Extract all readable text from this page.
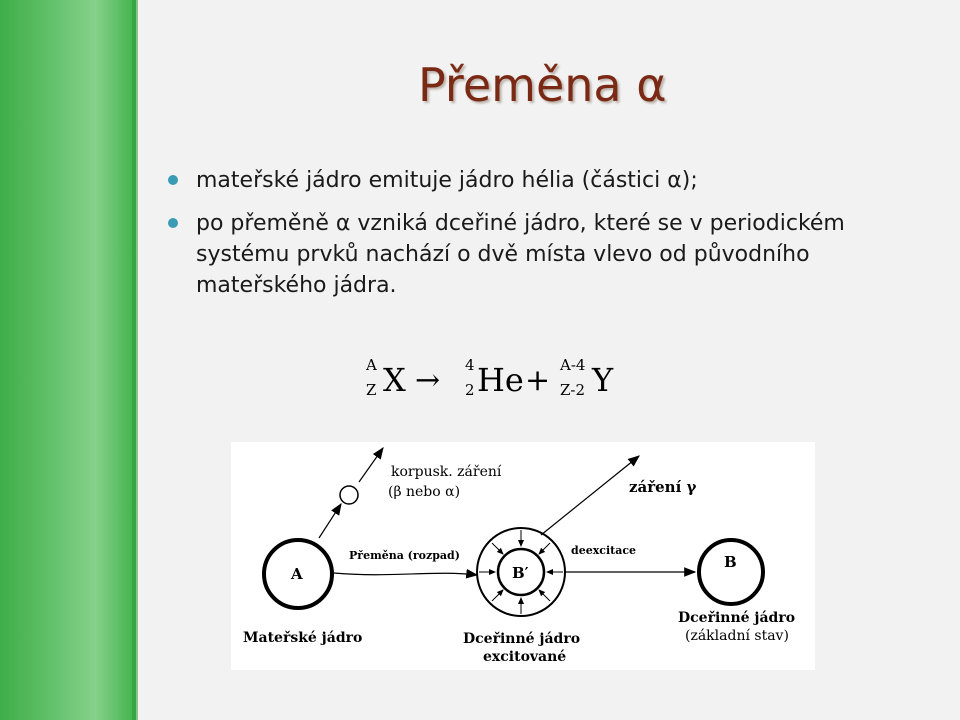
Přeměna α
mateřské jádro emituje jádro hélia (částici α);
po přeměně α vzniká dceřiné jádro, které se v periodickém systému prvků nachází o dvě místa vlevo od původního mateřského jádra.
A
Z X → 4
2 He + A-4
Z-2 Y
A
Mateřské jádro
korpusk. záření
(β nebo α)
Přeměna (rozpad)
B′
Dceřinné jádro
excitované
záření γ
deexcitace
B
Dceřinné jádro
(základní stav)
